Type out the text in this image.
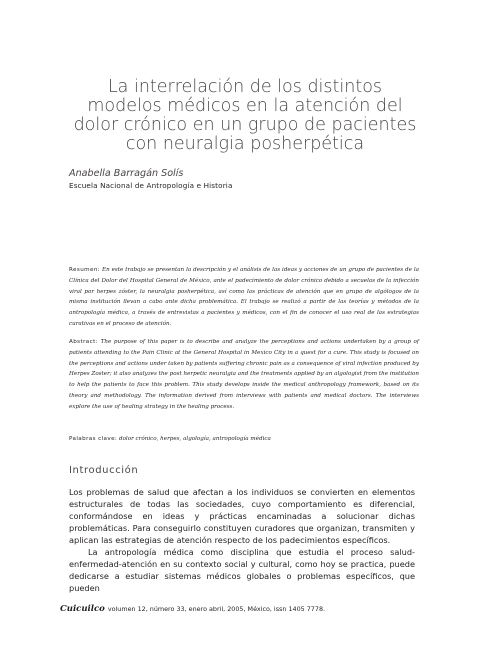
La interrelación de los distintos
modelos médicos en la atención del
dolor crónico en un grupo de pacientes
con neuralgia posherpética
Anabella Barragán Solís
Escuela Nacional de Antropología e Historia
Resumen: En este trabajo se presentan la descripción y el análisis de las ideas y acciones de un grupo de pacientes de la Clínica del Dolor del Hospital General de México, ante el padecimiento de dolor crónico debido a secuelas de la infección viral por herpes zóster, la neuralgia posherpética, así como las prácticas de atención que en grupo de algólogos de la misma institución llevan a cabo ante dicha problemática. El trabajo se realizó a partir de las teorías y métodos de la antropología médica, a través de entrevistas a pacientes y médicos, con el fin de conocer el uso real de las estrategias curativas en el proceso de atención.
Abstract: The purpose of this paper is to describe and analyze the perceptions and actions undertaken by a group of patients attending to the Pain Clinic at the General Hospital in Mexico City in a quest for a cure. This study is focused on the perceptions and actions under taken by patients suffering chronic pain as a consequence of viral infection produced by Herpes Zoster; it also analyzes the post herpetic neuralgia and the treatments applied by an algologist from the institution to help the patients to face this problem. This study develops inside the medical anthropology framework, based on its theory and methodology. The information derived from interviews with patients and medical doctors. The interviews explore the use of healing strategy in the healing process.
Palabras clave: dolor crónico, herpes, algología, antropología médica
Introducción

Los problemas de salud que afectan a los individuos se convierten en elementos estructurales de todas las sociedades, cuyo comportamiento es diferencial, conformándose en ideas y prácticas encaminadas a solucionar dichas problemáticas. Para conseguirlo constituyen curadores que organizan, transmiten y aplican las estrategias de atención respecto de los padecimientos específicos.

La antropología médica como disciplina que estudia el proceso salud-enfermedad-atención en su contexto social y cultural, como hoy se practica, puede dedicarse a estudiar sistemas médicos globales o problemas específicos, que pueden

Cuicuilco volumen 12, número 33, enero abril, 2005, México, issn 1405 7778.
